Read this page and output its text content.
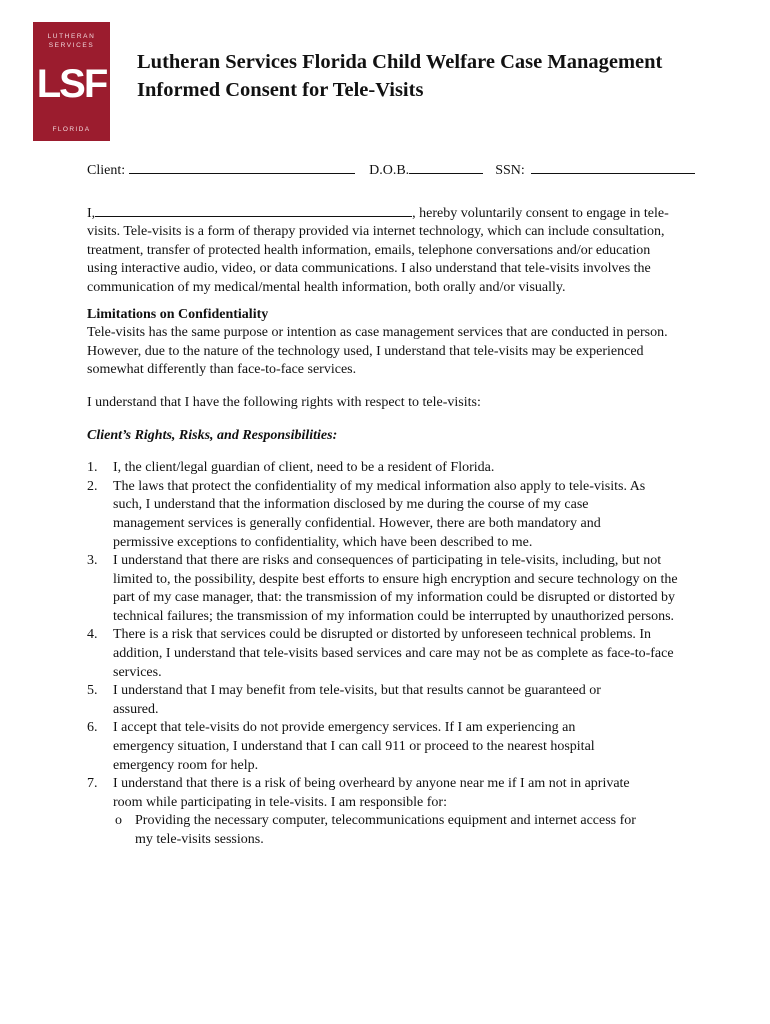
LUTHERAN
SERVICES
LSF
FLORIDA
Lutheran Services Florida Child Welfare Case Management
Informed Consent for Tele-Visits
Client:	D.O.B.	SSN:
I,	, hereby voluntarily consent to engage in tele-
visits. Tele-visits is a form of therapy provided via internet technology, which can include consultation,
treatment, transfer of protected health information, emails, telephone conversations and/or education
using interactive audio, video, or data communications. I also understand that tele-visits involves the
communication of my medical/mental health information, both orally and/or visually.
Limitations on Confidentiality
Tele-visits has the same purpose or intention as case management services that are conducted in person.
However, due to the nature of the technology used, I understand that tele-visits may be experienced
somewhat differently than face-to-face services.
I understand that I have the following rights with respect to tele-visits:
Client’s Rights, Risks, and Responsibilities:
1. I, the client/legal guardian of client, need to be a resident of Florida.
2. The laws that protect the confidentiality of my medical information also apply to tele-visits. As
such, I understand that the information disclosed by me during the course of my case
management services is generally confidential. However, there are both mandatory and
permissive exceptions to confidentiality, which have been described to me.
3. I understand that there are risks and consequences of participating in tele-visits, including, but not
limited to, the possibility, despite best efforts to ensure high encryption and secure technology on the
part of my case manager, that: the transmission of my information could be disrupted or distorted by
technical failures; the transmission of my information could be interrupted by unauthorized persons.
4. There is a risk that services could be disrupted or distorted by unforeseen technical problems. In
addition, I understand that tele-visits based services and care may not be as complete as face-to-face
services.
5. I understand that I may benefit from tele-visits, but that results cannot be guaranteed or
assured.
6. I accept that tele-visits do not provide emergency services. If I am experiencing an
emergency situation, I understand that I can call 911 or proceed to the nearest hospital
emergency room for help.
7. I understand that there is a risk of being overheard by anyone near me if I am not in aprivate
room while participating in tele-visits. I am responsible for:
o Providing the necessary computer, telecommunications equipment and internet access for
my tele-visits sessions.
